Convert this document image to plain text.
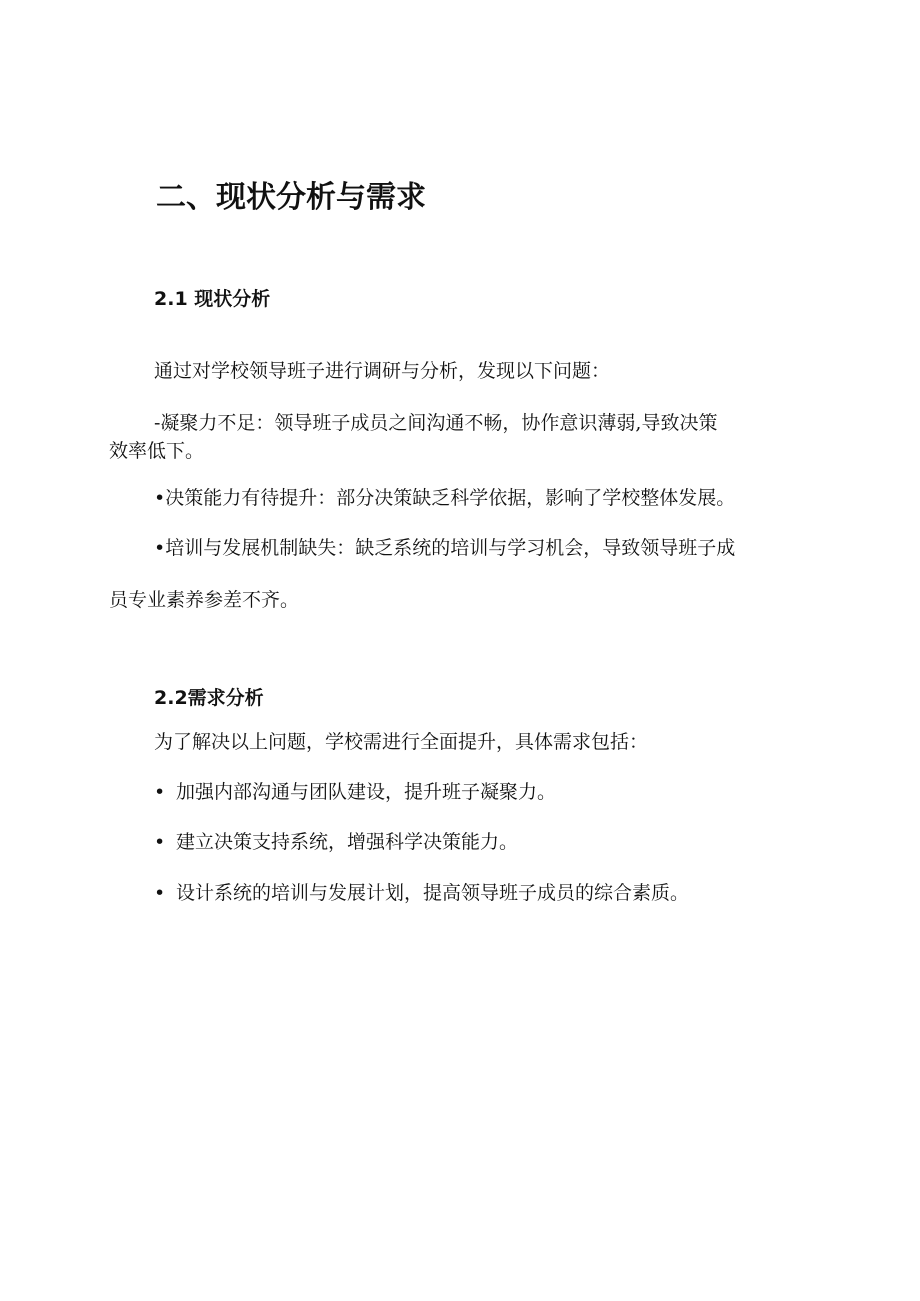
二、现状分析与需求
2.1 现状分析
通过对学校领导班子进行调研与分析，发现以下问题：
-凝聚力不足：领导班子成员之间沟通不畅，协作意识薄弱,导致决策
效率低下。
•决策能力有待提升：部分决策缺乏科学依据，影响了学校整体发展。
•培训与发展机制缺失：缺乏系统的培训与学习机会，导致领导班子成
员专业素养参差不齐。
2.2需求分析
为了解决以上问题，学校需进行全面提升，具体需求包括：
• 加强内部沟通与团队建设，提升班子凝聚力。
• 建立决策支持系统，增强科学决策能力。
• 设计系统的培训与发展计划，提高领导班子成员的综合素质。
